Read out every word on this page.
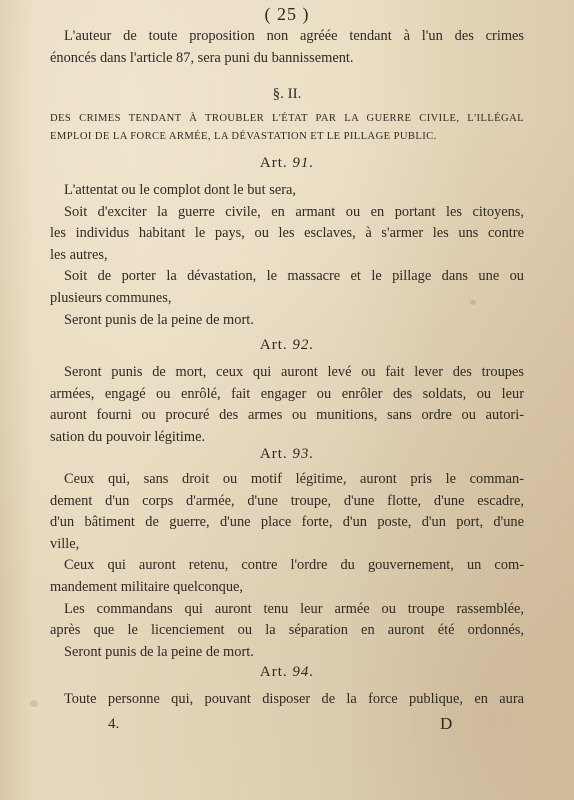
( 25 )
L'auteur de toute proposition non agréée tendant à l'un des crimes
énoncés dans l'article 87, sera puni du bannissement.
§. II.
DES CRIMES TENDANT À TROUBLER L'ÉTAT PAR LA GUERRE CIVILE, L'ILLÉGAL
EMPLOI DE LA FORCE ARMÉE, LA DÉVASTATION ET LE PILLAGE PUBLIC.
Art. 91.
L'attentat ou le complot dont le but sera,
Soit d'exciter la guerre civile, en armant ou en portant les citoyens,
les individus habitant le pays, ou les esclaves, à s'armer les uns contre
les autres,
Soit de porter la dévastation, le massacre et le pillage dans une ou
plusieurs communes,
Seront punis de la peine de mort.
Art. 92.
Seront punis de mort, ceux qui auront levé ou fait lever des troupes
armées, engagé ou enrôlé, fait engager ou enrôler des soldats, ou leur
auront fourni ou procuré des armes ou munitions, sans ordre ou autori-
sation du pouvoir légitime.
Art. 93.
Ceux qui, sans droit ou motif légitime, auront pris le comman-
dement d'un corps d'armée, d'une troupe, d'une flotte, d'une escadre,
d'un bâtiment de guerre, d'une place forte, d'un poste, d'un port, d'une
ville,
Ceux qui auront retenu, contre l'ordre du gouvernement, un com-
mandement militaire quelconque,
Les commandans qui auront tenu leur armée ou troupe rassemblée,
après que le licenciement ou la séparation en auront été ordonnés,
Seront punis de la peine de mort.
Art. 94.
Toute personne qui, pouvant disposer de la force publique, en aura
4.	D
